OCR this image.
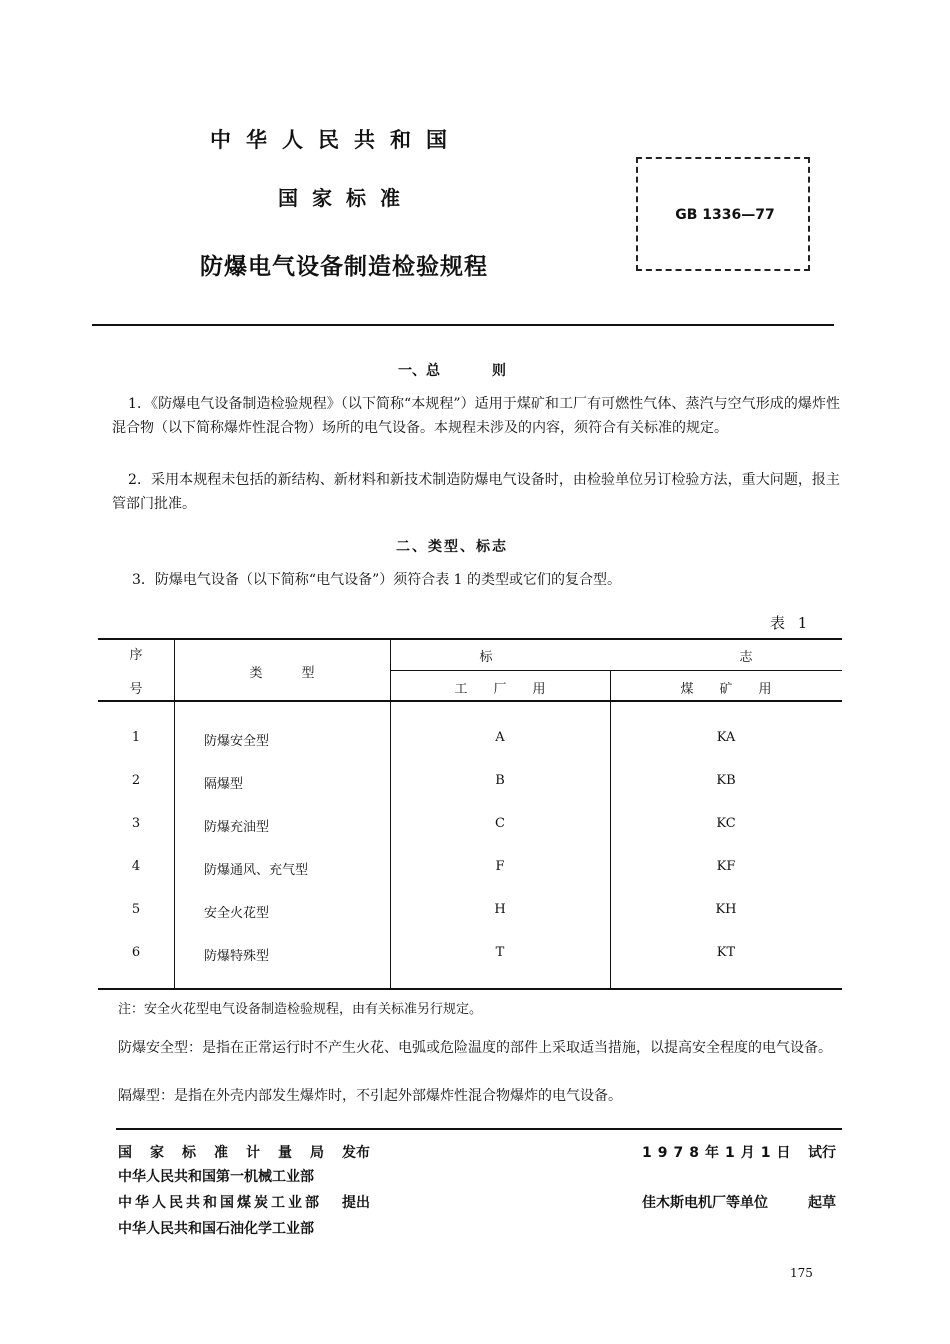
中华人民共和国
国家标准
防爆电气设备制造检验规程
GB 1336—77
一、总	则
1．《防爆电气设备制造检验规程》（以下简称“本规程”）适用于煤矿和工厂有可燃性气体、蒸汽与空气形成的爆炸性混合物（以下简称爆炸性混合物）场所的电气设备。本规程未涉及的内容，须符合有关标准的规定。
2．采用本规程未包括的新结构、新材料和新技术制造防爆电气设备时，由检验单位另订检验方法，重大问题，报主管部门批准。
二、类型、标志
3．防爆电气设备（以下简称“电气设备”）须符合表 1 的类型或它们的复合型。
表 1
序
号
类　　　型
标　　　　　　　　　　　　　　　　　　　志
工　　厂　　用	煤　　矿　　用
1	防爆安全型	A	KA
2	隔爆型	B	KB
3	防爆充油型	C	KC
4	防爆通风、充气型	F	KF
5	安全火花型	H	KH
6	防爆特殊型	T	KT
注：安全火花型电气设备制造检验规程，由有关标准另行规定。
防爆安全型：是指在正常运行时不产生火花、电弧或危险温度的部件上采取适当措施，以提高安全程度的电气设备。
隔爆型：是指在外壳内部发生爆炸时，不引起外部爆炸性混合物爆炸的电气设备。
国家标准计量局 发布
中华人民共和国第一机械工业部
中华人民共和国煤炭工业部 提出
中华人民共和国石油化学工业部
1978年1月1日 试行
佳木斯电机厂等单位	起草
175
